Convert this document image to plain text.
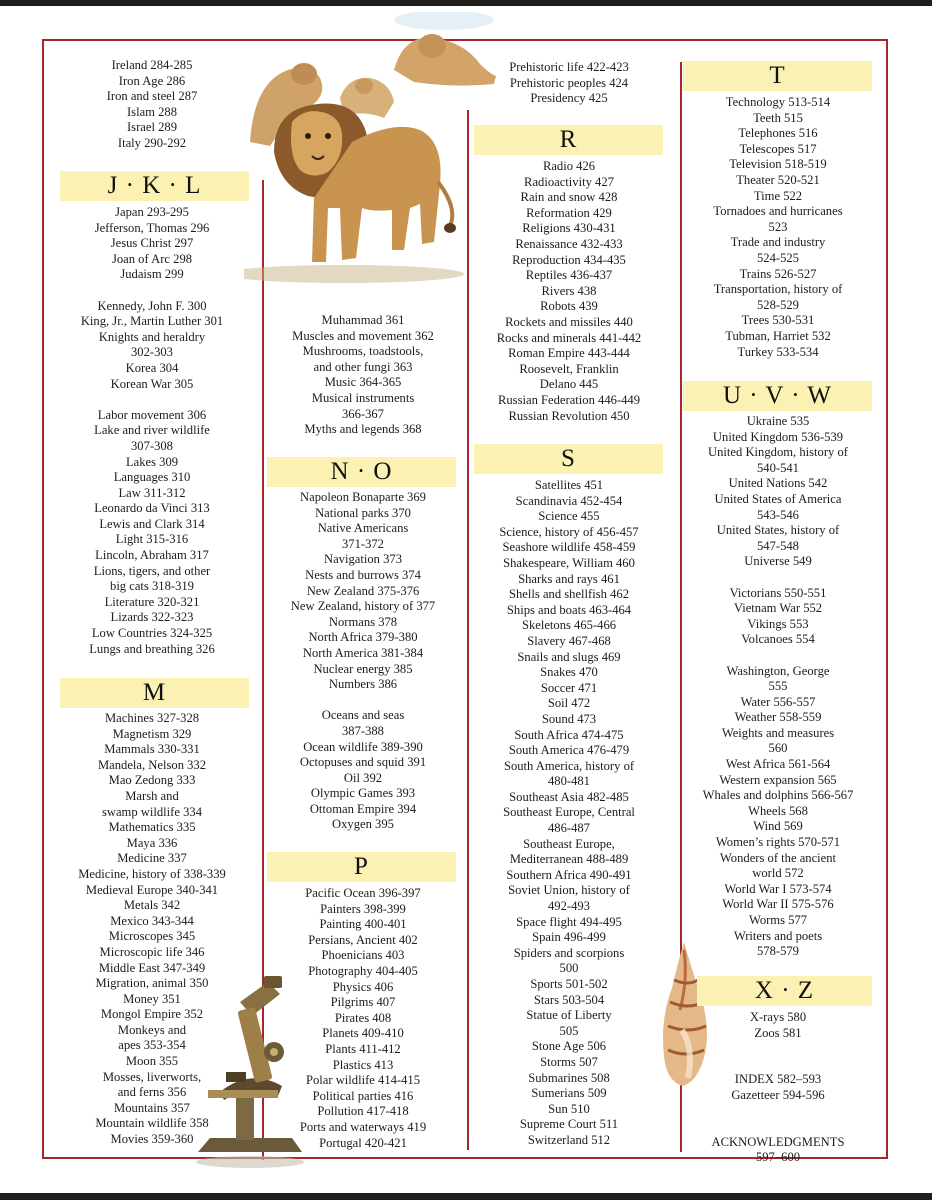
J · K · L
M
N · O
P
R
S
T
U · V · W
X · Z
Ireland 284-285
Iron Age 286
Iron and steel 287
Islam 288
Israel 289
Italy 290-292
Japan 293-295
Jefferson, Thomas 296
Jesus Christ 297
Joan of Arc 298
Judaism 299
Kennedy, John F. 300
King, Jr., Martin Luther 301
Knights and heraldry
302-303
Korea 304
Korean War 305
Labor movement 306
Lake and river wildlife
307-308
Lakes 309
Languages 310
Law 311-312
Leonardo da Vinci 313
Lewis and Clark 314
Light 315-316
Lincoln, Abraham 317
Lions, tigers, and other
big cats 318-319
Literature 320-321
Lizards 322-323
Low Countries 324-325
Lungs and breathing 326
Machines 327-328
Magnetism 329
Mammals 330-331
Mandela, Nelson 332
Mao Zedong 333
Marsh and
swamp wildlife 334
Mathematics 335
Maya 336
Medicine 337
Medicine, history of 338-339
Medieval Europe 340-341
Metals 342
Mexico 343-344
Microscopes 345
Microscopic life 346
Middle East 347-349
Migration, animal 350
Money 351
Mongol Empire 352
Monkeys and
apes 353-354
Moon 355
Mosses, liverworts,
and ferns 356
Mountains 357
Mountain wildlife 358
Movies 359-360
Muhammad 361
Muscles and movement 362
Mushrooms, toadstools,
and other fungi 363
Music 364-365
Musical instruments
366-367
Myths and legends 368
Napoleon Bonaparte 369
National parks 370
Native Americans
371-372
Navigation 373
Nests and burrows 374
New Zealand 375-376
New Zealand, history of 377
Normans 378
North Africa 379-380
North America 381-384
Nuclear energy 385
Numbers 386
Oceans and seas
387-388
Ocean wildlife 389-390
Octopuses and squid 391
Oil 392
Olympic Games 393
Ottoman Empire 394
Oxygen 395
Pacific Ocean 396-397
Painters 398-399
Painting 400-401
Persians, Ancient 402
Phoenicians 403
Photography 404-405
Physics 406
Pilgrims 407
Pirates 408
Planets 409-410
Plants 411-412
Plastics 413
Polar wildlife 414-415
Political parties 416
Pollution 417-418
Ports and waterways 419
Portugal 420-421
Prehistoric life 422-423
Prehistoric peoples 424
Presidency 425
Radio 426
Radioactivity 427
Rain and snow 428
Reformation 429
Religions 430-431
Renaissance 432-433
Reproduction 434-435
Reptiles 436-437
Rivers 438
Robots 439
Rockets and missiles 440
Rocks and minerals 441-442
Roman Empire 443-444
Roosevelt, Franklin
Delano 445
Russian Federation 446-449
Russian Revolution 450
Satellites 451
Scandinavia 452-454
Science 455
Science, history of 456-457
Seashore wildlife 458-459
Shakespeare, William 460
Sharks and rays 461
Shells and shellfish 462
Ships and boats 463-464
Skeletons 465-466
Slavery 467-468
Snails and slugs 469
Snakes 470
Soccer 471
Soil 472
Sound 473
South Africa 474-475
South America 476-479
South America, history of
480-481
Southeast Asia 482-485
Southeast Europe, Central
486-487
Southeast Europe,
Mediterranean 488-489
Southern Africa 490-491
Soviet Union, history of
492-493
Space flight 494-495
Spain 496-499
Spiders and scorpions
500
Sports 501-502
Stars 503-504
Statue of Liberty
505
Stone Age 506
Storms 507
Submarines 508
Sumerians 509
Sun 510
Supreme Court 511
Switzerland 512
Technology 513-514
Teeth 515
Telephones 516
Telescopes 517
Television 518-519
Theater 520-521
Time 522
Tornadoes and hurricanes
523
Trade and industry
524-525
Trains 526-527
Transportation, history of
528-529
Trees 530-531
Tubman, Harriet 532
Turkey 533-534
Ukraine 535
United Kingdom 536-539
United Kingdom, history of
540-541
United Nations 542
United States of America
543-546
United States, history of
547-548
Universe 549
Victorians 550-551
Vietnam War 552
Vikings 553
Volcanoes 554
Washington, George
555
Water 556-557
Weather 558-559
Weights and measures
560
West Africa 561-564
Western expansion 565
Whales and dolphins 566-567
Wheels 568
Wind 569
Women’s rights 570-571
Wonders of the ancient
world 572
World War I 573-574
World War II 575-576
Worms 577
Writers and poets
578-579
X-rays 580
Zoos 581
INDEX 582–593
Gazetteer 594-596
ACKNOWLEDGMENTS
597–600
